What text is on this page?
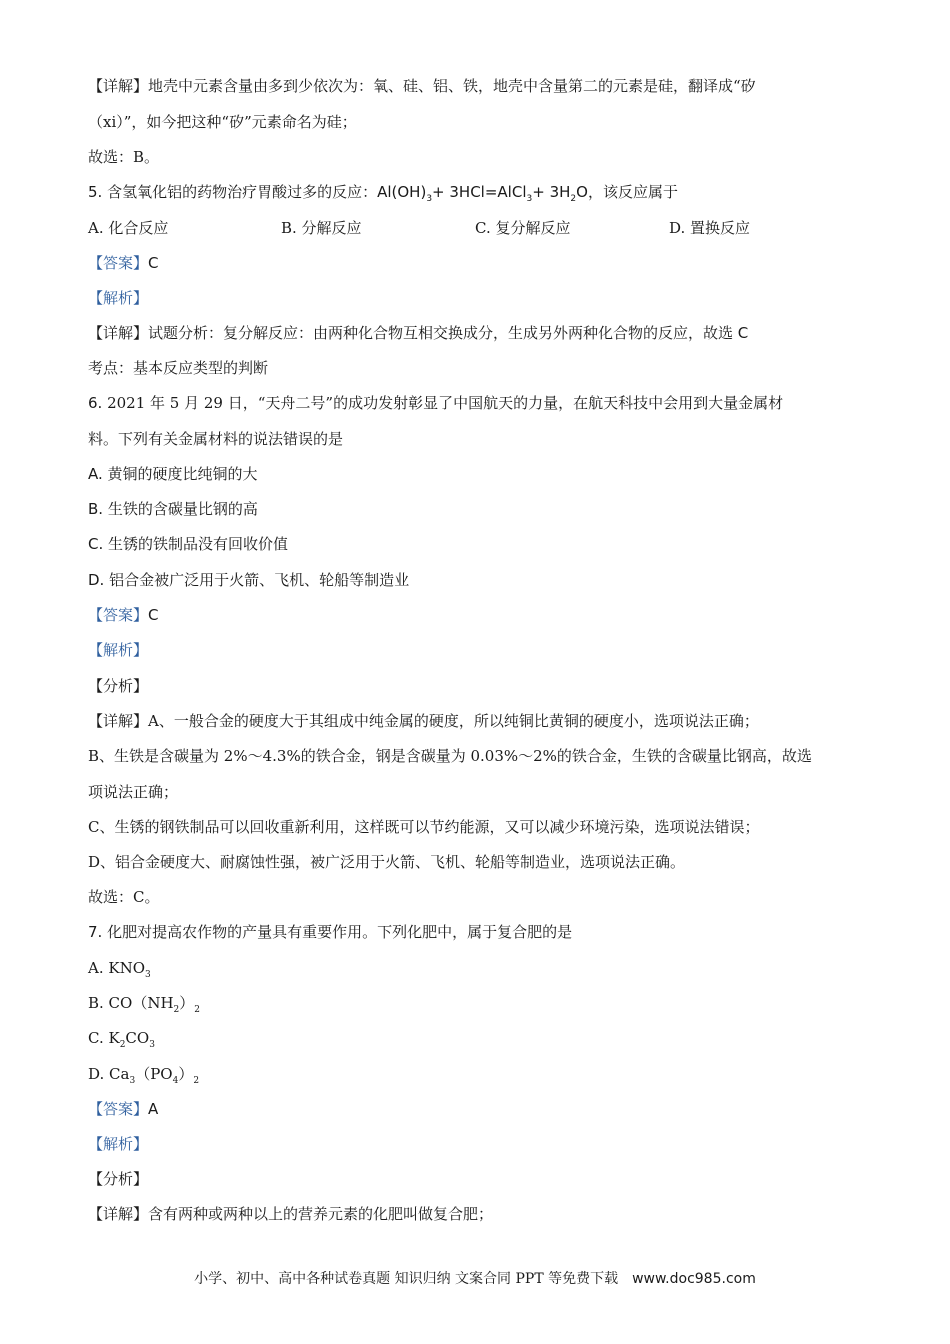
【详解】地壳中元素含量由多到少依次为：氧、硅、铝、铁，地壳中含量第二的元素是硅，翻译成“矽
（xi）”，如今把这种“矽”元素命名为硅；
故选：B。
5. 含氢氧化铝的药物治疗胃酸过多的反应：$Al(OH)_3+$ 3HCl=AlCl$_3$+ $3H_2O$，该反应属于
A. 化合反应	B. 分解反应	C. 复分解反应	D. 置换反应
【答案】C
【解析】
【详解】试题分析：复分解反应：由两种化合物互相交换成分，生成另外两种化合物的反应，故选 C
考点：基本反应类型的判断
6. 2021 年 5 月 29 日，“天舟二号”的成功发射彰显了中国航天的力量，在航天科技中会用到大量金属材
料。下列有关金属材料的说法错误的是
A. 黄铜的硬度比纯铜的大
B. 生铁的含碳量比钢的高
C. 生锈的铁制品没有回收价值
D. 铝合金被广泛用于火箭、飞机、轮船等制造业
【答案】C
【解析】
【分析】
【详解】A、一般合金的硬度大于其组成中纯金属的硬度，所以纯铜比黄铜的硬度小，选项说法正确；
B、生铁是含碳量为 2%～4.3%的铁合金，钢是含碳量为 0.03%～2%的铁合金，生铁的含碳量比钢高，故选
项说法正确；
C、生锈的钢铁制品可以回收重新利用，这样既可以节约能源，又可以减少环境污染，选项说法错误；
D、铝合金硬度大、耐腐蚀性强，被广泛用于火箭、飞机、轮船等制造业，选项说法正确。
故选：C。
7. 化肥对提高农作物的产量具有重要作用。下列化肥中，属于复合肥的是
A. $KNO_3$
B. $CO(NH_2)_2$
C. $K_2CO_3$
D. $Ca_3(PO_4)_2$
【答案】A
【解析】
【分析】
【详解】含有两种或两种以上的营养元素的化肥叫做复合肥；
小学、初中、高中各种试卷真题 知识归纳 文案合同 PPT 等免费下载 www.doc985.com
